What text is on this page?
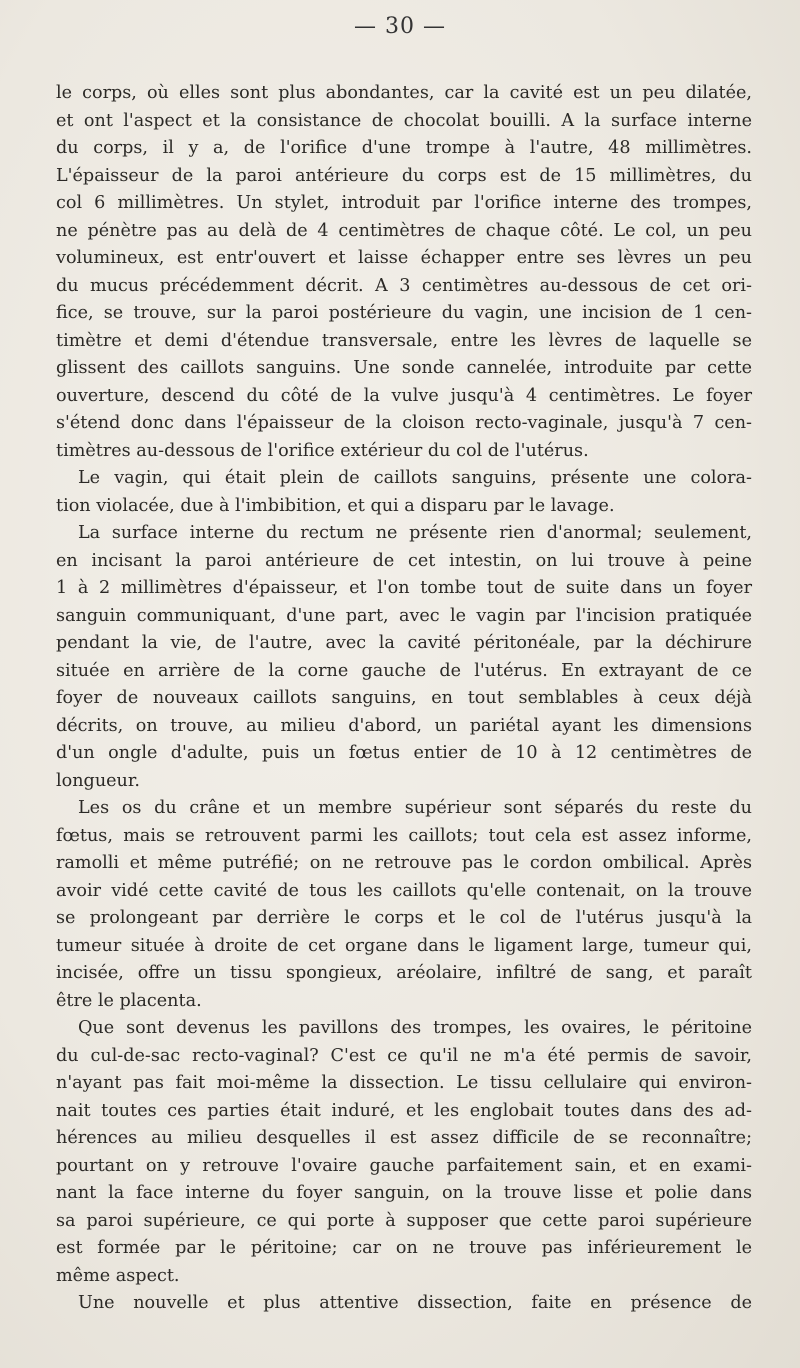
— 30 —
le corps, où elles sont plus abondantes, car la cavité est un peu dilatée,
et ont l'aspect et la consistance de chocolat bouilli. A la surface interne
du corps, il y a, de l'orifice d'une trompe à l'autre, 48 millimètres.
L'épaisseur de la paroi antérieure du corps est de 15 millimètres, du
col 6 millimètres. Un stylet, introduit par l'orifice interne des trompes,
ne pénètre pas au delà de 4 centimètres de chaque côté. Le col, un peu
volumineux, est entr'ouvert et laisse échapper entre ses lèvres un peu
du mucus précédemment décrit. A 3 centimètres au-dessous de cet ori-
fice, se trouve, sur la paroi postérieure du vagin, une incision de 1 cen-
timètre et demi d'étendue transversale, entre les lèvres de laquelle se
glissent des caillots sanguins. Une sonde cannelée, introduite par cette
ouverture, descend du côté de la vulve jusqu'à 4 centimètres. Le foyer
s'étend donc dans l'épaisseur de la cloison recto-vaginale, jusqu'à 7 cen-
timètres au-dessous de l'orifice extérieur du col de l'utérus.
Le vagin, qui était plein de caillots sanguins, présente une colora-
tion violacée, due à l'imbibition, et qui a disparu par le lavage.
La surface interne du rectum ne présente rien d'anormal; seulement,
en incisant la paroi antérieure de cet intestin, on lui trouve à peine
1 à 2 millimètres d'épaisseur, et l'on tombe tout de suite dans un foyer
sanguin communiquant, d'une part, avec le vagin par l'incision pratiquée
pendant la vie, de l'autre, avec la cavité péritonéale, par la déchirure
située en arrière de la corne gauche de l'utérus. En extrayant de ce
foyer de nouveaux caillots sanguins, en tout semblables à ceux déjà
décrits, on trouve, au milieu d'abord, un pariétal ayant les dimensions
d'un ongle d'adulte, puis un fœtus entier de 10 à 12 centimètres de
longueur.
Les os du crâne et un membre supérieur sont séparés du reste du
fœtus, mais se retrouvent parmi les caillots; tout cela est assez informe,
ramolli et même putréfié; on ne retrouve pas le cordon ombilical. Après
avoir vidé cette cavité de tous les caillots qu'elle contenait, on la trouve
se prolongeant par derrière le corps et le col de l'utérus jusqu'à la
tumeur située à droite de cet organe dans le ligament large, tumeur qui,
incisée, offre un tissu spongieux, aréolaire, infiltré de sang, et paraît
être le placenta.
Que sont devenus les pavillons des trompes, les ovaires, le péritoine
du cul-de-sac recto-vaginal? C'est ce qu'il ne m'a été permis de savoir,
n'ayant pas fait moi-même la dissection. Le tissu cellulaire qui environ-
nait toutes ces parties était induré, et les englobait toutes dans des ad-
hérences au milieu desquelles il est assez difficile de se reconnaître;
pourtant on y retrouve l'ovaire gauche parfaitement sain, et en exami-
nant la face interne du foyer sanguin, on la trouve lisse et polie dans
sa paroi supérieure, ce qui porte à supposer que cette paroi supérieure
est formée par le péritoine; car on ne trouve pas inférieurement le
même aspect.
Une nouvelle et plus attentive dissection, faite en présence de
